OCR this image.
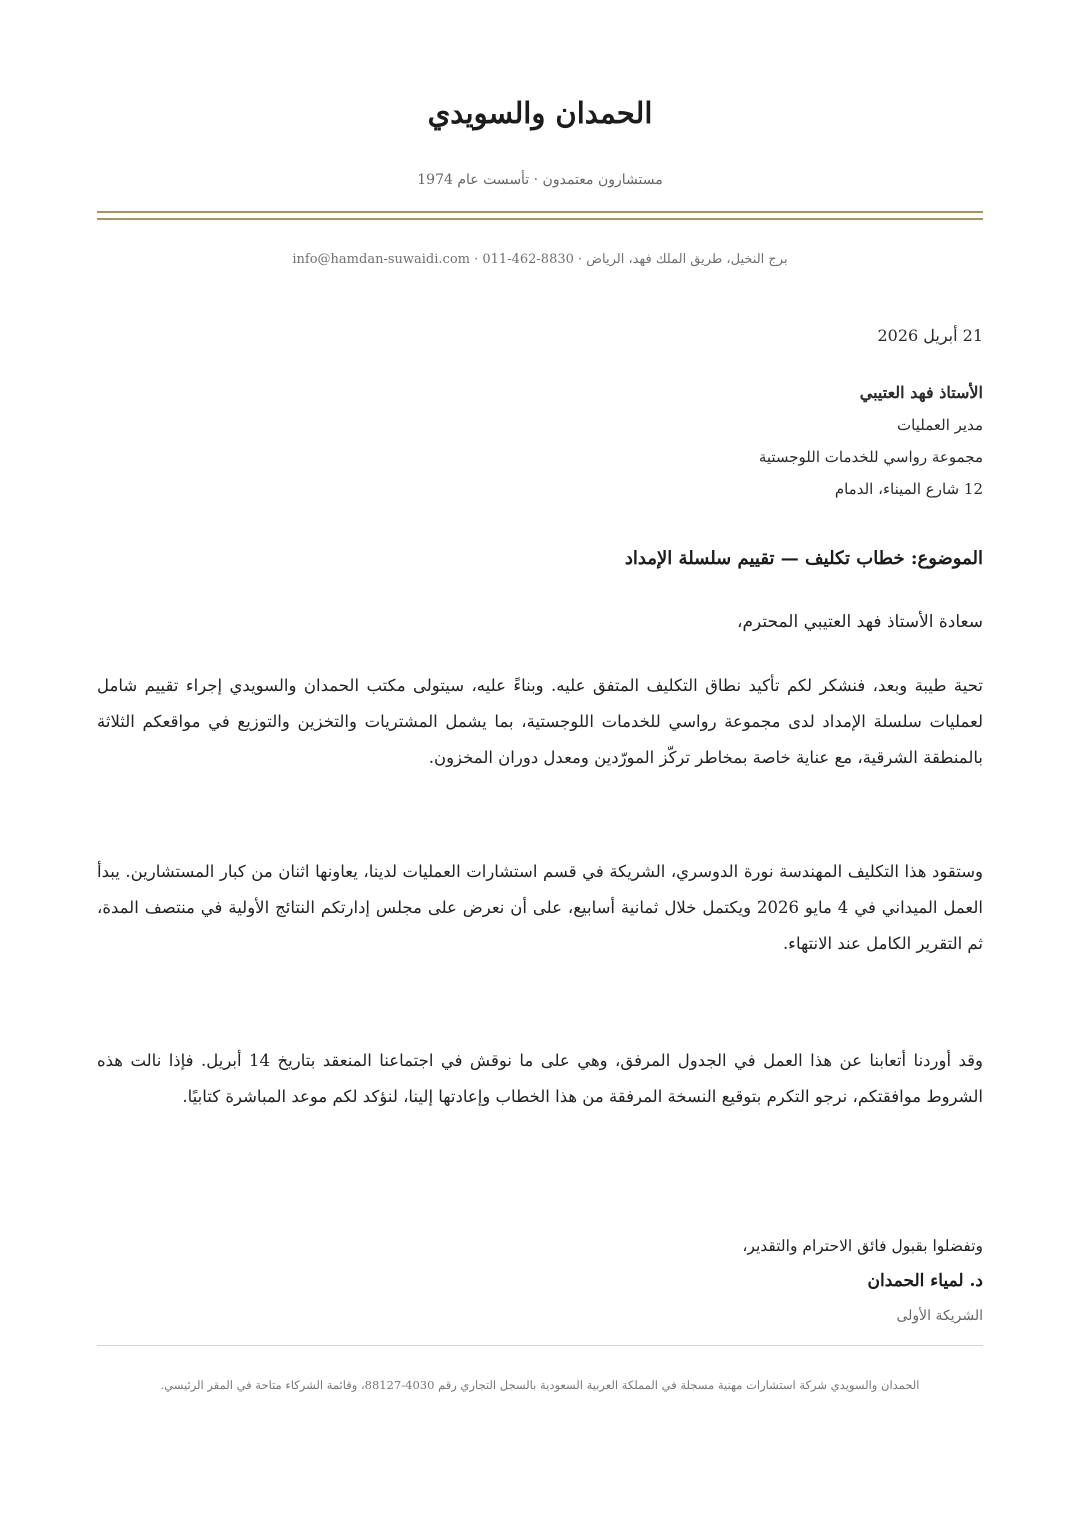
الحمدان والسويدي
مستشارون معتمدون · تأسست عام 1974
برج النخيل، طريق الملك فهد، الرياض · 011-462-8830 · info@hamdan-suwaidi.com
21 أبريل 2026
الأستاذ فهد العتيبي
مدير العمليات
مجموعة رواسي للخدمات اللوجستية
12 شارع الميناء، الدمام
الموضوع: خطاب تكليف — تقييم سلسلة الإمداد
سعادة الأستاذ فهد العتيبي المحترم،

تحية طيبة وبعد، فنشكر لكم تأكيد نطاق التكليف المتفق عليه. وبناءً عليه، سيتولى مكتب الحمدان والسويدي إجراء تقييم شامل لعمليات سلسلة الإمداد لدى مجموعة رواسي للخدمات اللوجستية، بما يشمل المشتريات والتخزين والتوزيع في مواقعكم الثلاثة بالمنطقة الشرقية، مع عناية خاصة بمخاطر تركّز المورّدين ومعدل دوران المخزون.

وستقود هذا التكليف المهندسة نورة الدوسري، الشريكة في قسم استشارات العمليات لدينا، يعاونها اثنان من كبار المستشارين. يبدأ العمل الميداني في 4 مايو 2026 ويكتمل خلال ثمانية أسابيع، على أن نعرض على مجلس إدارتكم النتائج الأولية في منتصف المدة، ثم التقرير الكامل عند الانتهاء.

وقد أوردنا أتعابنا عن هذا العمل في الجدول المرفق، وهي على ما نوقش في اجتماعنا المنعقد بتاريخ 14 أبريل. فإذا نالت هذه الشروط موافقتكم، نرجو التكرم بتوقيع النسخة المرفقة من هذا الخطاب وإعادتها إلينا، لنؤكد لكم موعد المباشرة كتابيًا.

وتفضلوا بقبول فائق الاحترام والتقدير،
د. لمياء الحمدان
الشريكة الأولى
الحمدان والسويدي شركة استشارات مهنية مسجلة في المملكة العربية السعودية بالسجل التجاري رقم 4030-88127، وقائمة الشركاء متاحة في المقر الرئيسي.
